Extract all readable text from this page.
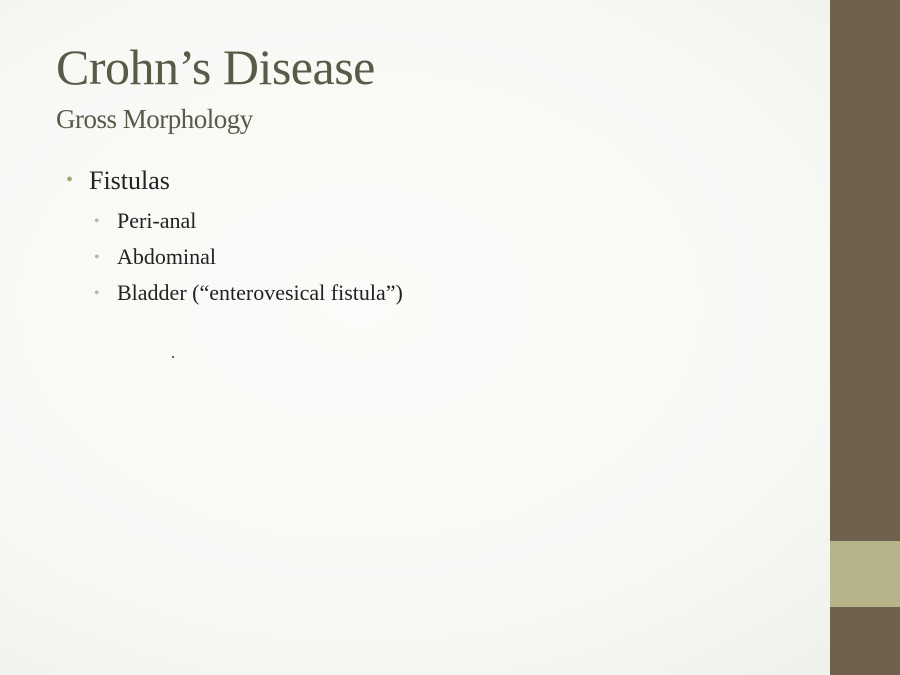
Crohn’s Disease
Gross Morphology
• Fistulas
• Peri-anal
• Abdominal
• Bladder (“enterovesical fistula”)
